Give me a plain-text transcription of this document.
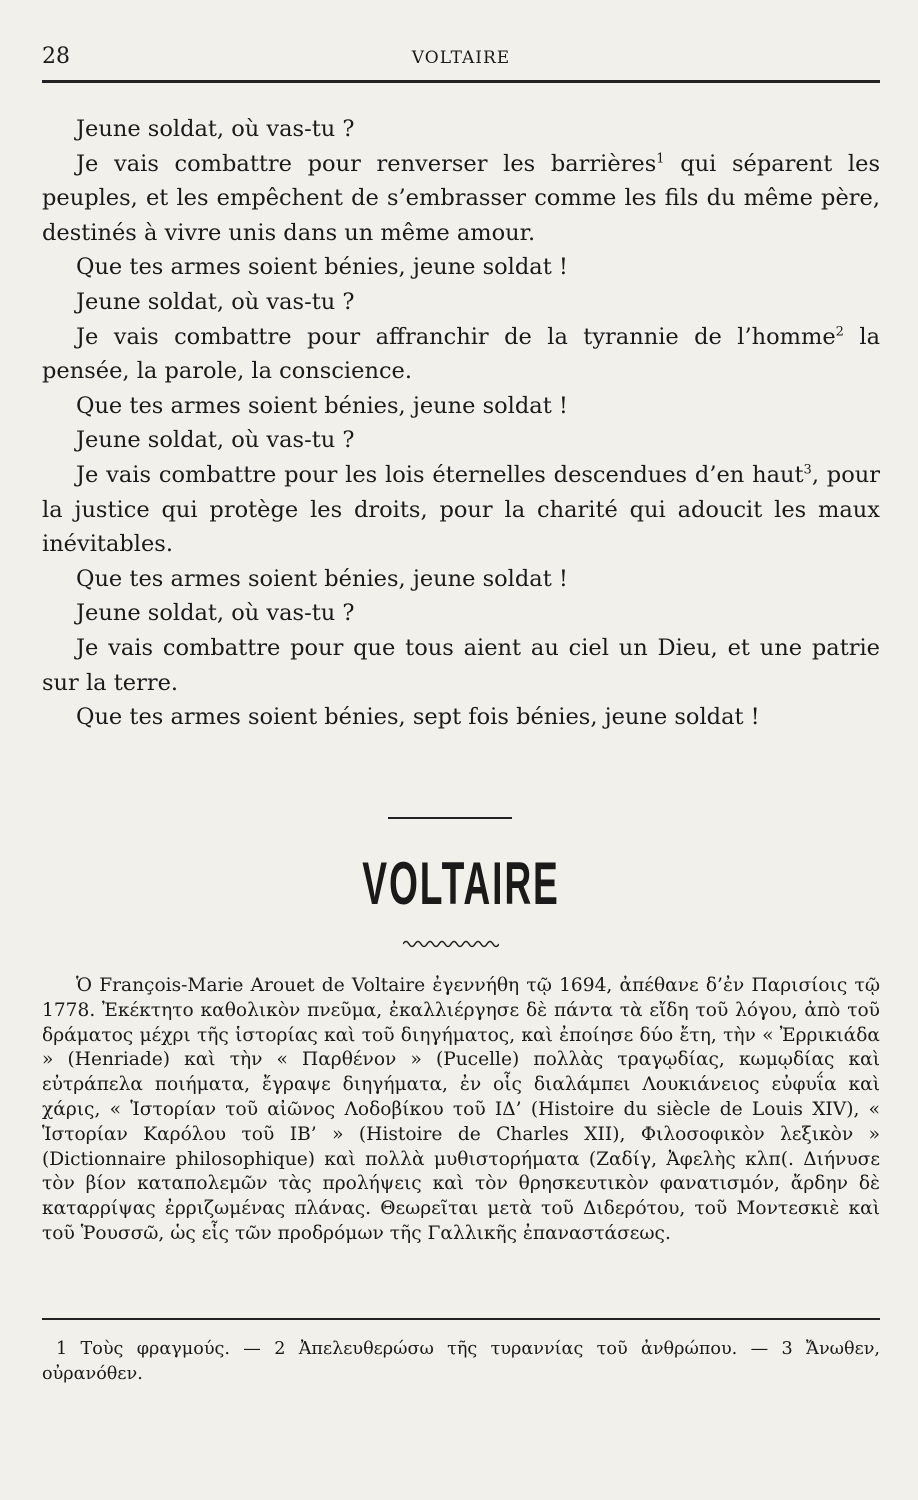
28	VOLTAIRE

Jeune soldat, où vas-tu ?

Je vais combattre pour renverser les barrières$^1$ qui séparent les peuples, et les empêchent de s’embrasser comme les fils du même père, destinés à vivre unis dans un même amour.

Que tes armes soient bénies, jeune soldat !

Jeune soldat, où vas-tu ?

Je vais combattre pour affranchir de la tyrannie de l’homme$^2$ la pensée, la parole, la conscience.

Que tes armes soient bénies, jeune soldat !

Jeune soldat, où vas-tu ?

Je vais combattre pour les lois éternelles descendues d’en haut$^3$, pour la justice qui protège les droits, pour la charité qui adoucit les maux inévitables.

Que tes armes soient bénies, jeune soldat !

Jeune soldat, où vas-tu ?

Je vais combattre pour que tous aient au ciel un Dieu, et une patrie sur la terre.

Que tes armes soient bénies, sept fois bénies, jeune soldat !

VOLTAIRE

Ὁ François-Marie Arouet de Voltaire ἐγεννήθη τῷ 1694, ἀπέθανε δ’ἐν Παρισίοις τῷ 1778. Ἐκέκτητο καθολικὸν πνεῦμα, ἐκαλλιέργησε δὲ πάντα τὰ εἴδη τοῦ λόγου, ἀπὸ τοῦ δράματος μέχρι τῆς ἱστορίας καὶ τοῦ διηγήματος, καὶ ἐποίησε δύο ἔτη, τὴν « Ἐρρικιάδα » (Henriade) καὶ τὴν « Παρθένον » (Pucelle) πολλὰς τραγῳδίας, κωμῳδίας καὶ εὐτράπελα ποιήματα, ἔγραψε διηγήματα, ἐν οἷς διαλάμπει Λουκιάνειος εὐφυΐα καὶ χάρις, « Ἱστορίαν τοῦ αἰῶνος Λοδοβίκου τοῦ ΙΔ’ (Histoire du siècle de Louis XIV), « Ἱστορίαν Καρόλου τοῦ ΙΒ’ » (Histoire de Charles XII), Φιλοσοφικὸν λεξικὸν » (Dictionnaire philosophique) καὶ πολλὰ μυθιστορήματα (Ζαδίγ, Ἀφελὴς κλπ(. Διήνυσε τὸν βίον καταπολεμῶν τὰς προλήψεις καὶ τὸν θρησκευτικὸν φανατισμόν, ἄρδην δὲ καταρρίψας ἐρριζωμένας πλάνας. Θεωρεῖται μετὰ τοῦ Διδερότου, τοῦ Μοντεσκιὲ καὶ τοῦ Ῥουσσῶ, ὡς εἷς τῶν προδρόμων τῆς Γαλλικῆς ἐπαναστάσεως.

1 Τοὺς φραγμούς. — 2 Ἀπελευθερώσω τῆς τυραννίας τοῦ ἀνθρώπου. — 3 Ἄνωθεν, οὐρανόθεν.
